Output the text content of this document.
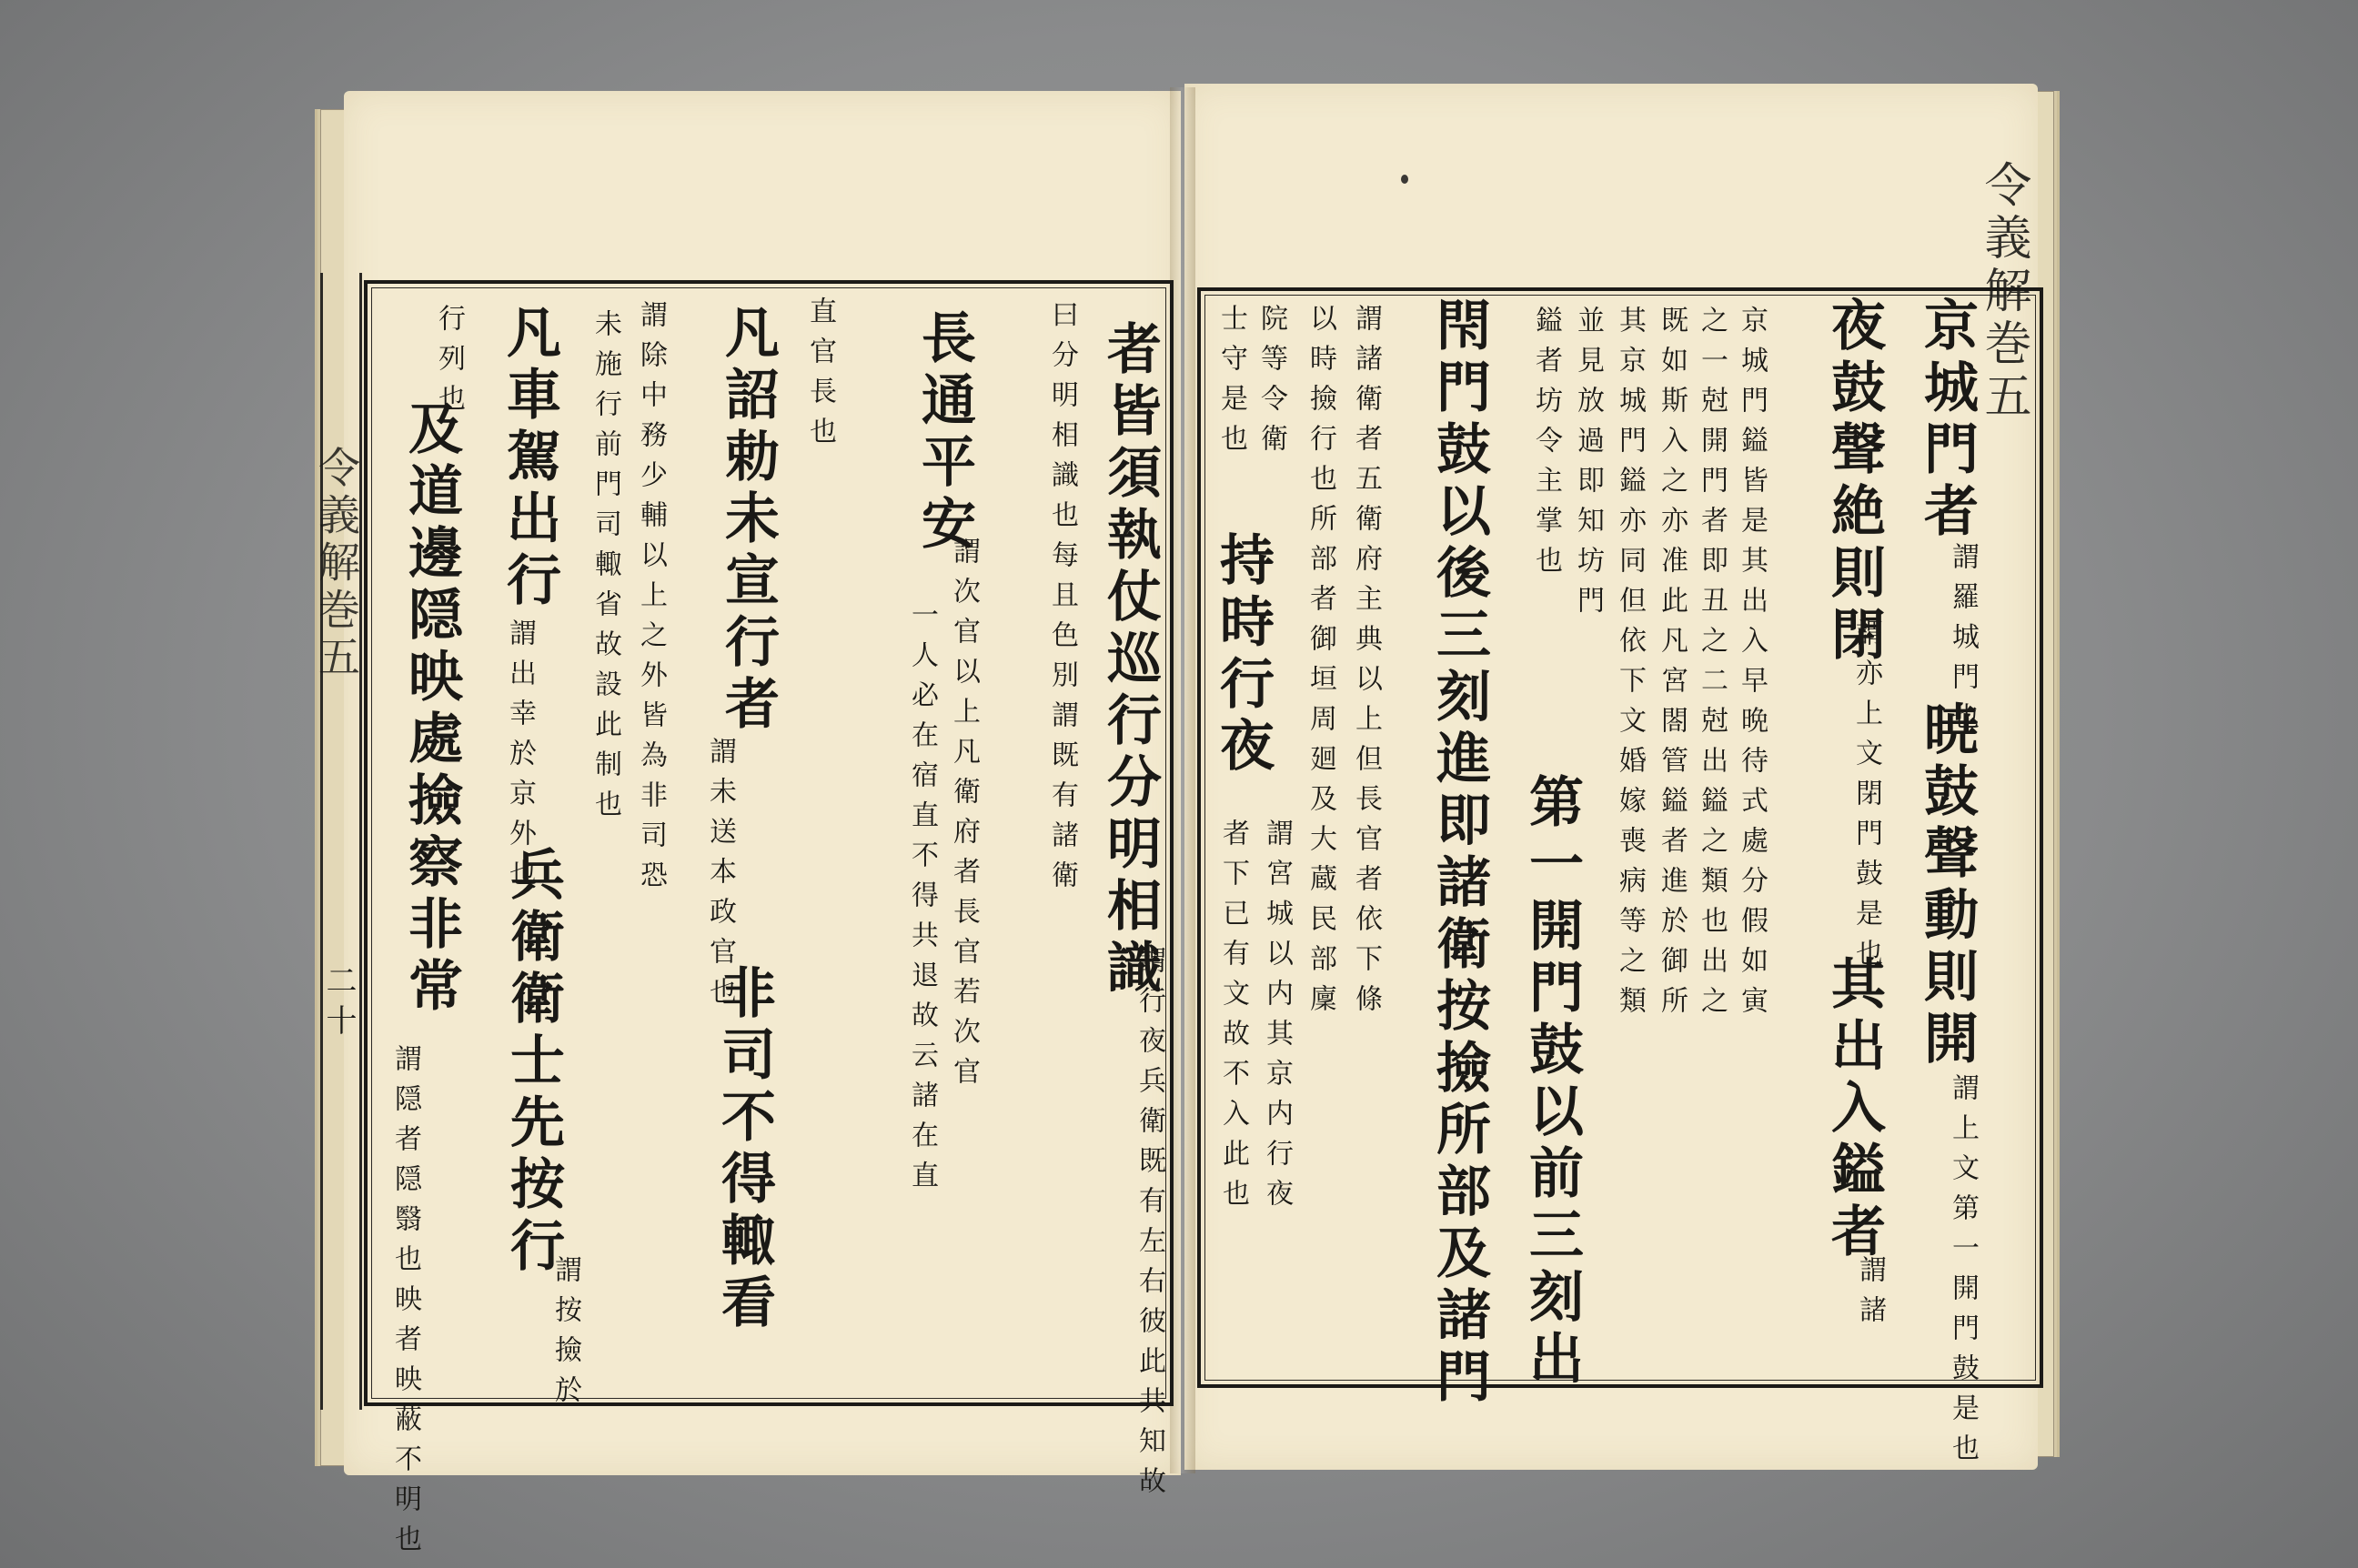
令義解巻五
二十
者皆須執仗巡行分明相識
謂行夜兵衛既有左右彼此共知故
曰分明相識也每且色別謂既有諸衛
長通平安
謂次官以上凡衛府者長官若次官
一人必在宿直不得共退故云諸在直
直官長也
凡詔勅未宣行者
謂未送本政官也
非司不得輙看
謂除中務少輔以上之外皆為非司恐
未施行前門司輙省故設此制也
凡車駕出行
謂出幸於京外也
兵衛衛士先按行
謂按撿於
行列也
及道邊隠映處撿察非常
謂隠者隠翳也映者映蔽不明也
令義解巻五
京城門者
謂羅城門也
暁鼓聲動則開
謂上文第一開門鼓是也
夜鼓聲絶則閉
謂亦上文閉門鼓是也
其出入鎰者
謂諸
京城門鎰皆是其出入早晩待式處分假如寅
之一尅開門者即丑之二尅出鎰之類也出之
既如斯入之亦准此凡宮閤管鎰者進於御所
其京城門鎰亦同但依下文婚嫁喪病等之類
並見放過即知坊門
鎰者坊令主掌也
第一開門鼓以前三刻出
閇門鼓以後三刻進即諸衛按撿所部及諸門
謂諸衛者五衛府主典以上但長官者依下條
以時撿行也所部者御垣周廻及大蔵民部廩
院等令衛
士守是也
持時行夜
謂宮城以内其京内行夜
者下已有文故不入此也
